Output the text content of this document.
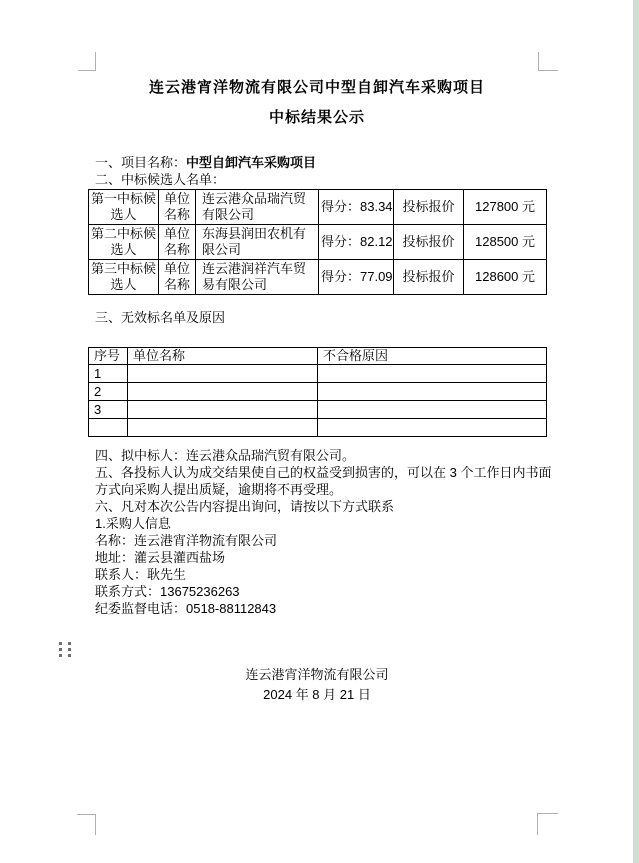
连云港宵洋物流有限公司中型自卸汽车采购项目
中标结果公示
一、项目名称：中型自卸汽车采购项目
二、中标候选人名单：
第一中标候选人	单位名称	连云港众品瑞汽贸有限公司	得分：83.34	投标报价	127800 元
第二中标候选人	单位名称	东海县润田农机有限公司	得分：82.12	投标报价	128500 元
第三中标候选人	单位名称	连云港润祥汽车贸易有限公司	得分：77.09	投标报价	128600 元
三、无效标名单及原因
序号	单位名称	不合格原因
1		
2		
3		

四、拟中标人：连云港众品瑞汽贸有限公司。
五、各投标人认为成交结果使自己的权益受到损害的，可以在 3 个工作日内书面
方式向采购人提出质疑，逾期将不再受理。
六、凡对本次公告内容提出询问，请按以下方式联系
1.采购人信息
名称：连云港宵洋物流有限公司
地址：灌云县灌西盐场
联系人：耿先生
联系方式：13675236263
纪委监督电话：0518-88112843
连云港宵洋物流有限公司
2024 年 8 月 21 日
